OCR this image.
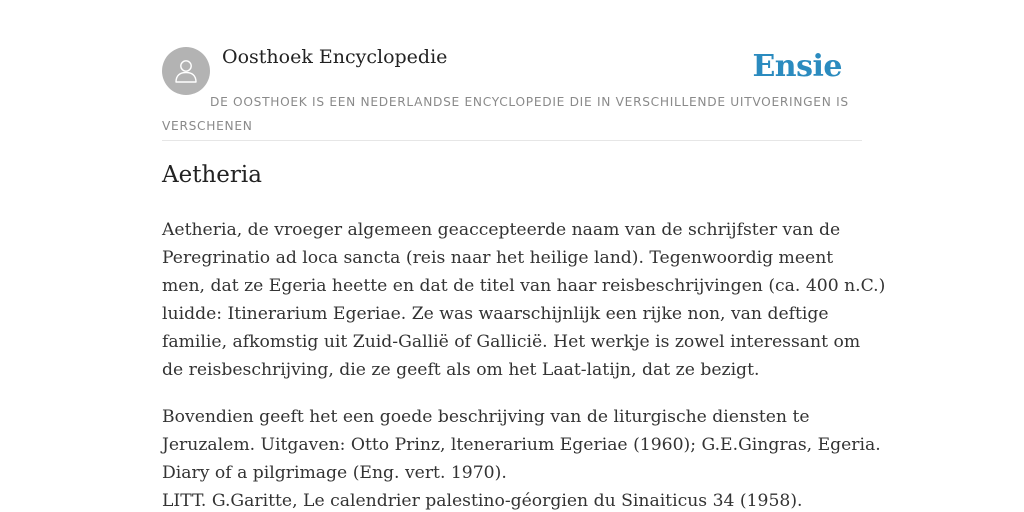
Oosthoek Encyclopedie	Ensie
DE OOSTHOEK IS EEN NEDERLANDSE ENCYCLOPEDIE DIE IN VERSCHILLENDE UITVOERINGEN IS VERSCHENEN
Aetheria

Aetheria, de vroeger algemeen geaccepteerde naam van de schrijfster van de
Peregrinatio ad loca sancta (reis naar het heilige land). Tegenwoordig meent
men, dat ze Egeria heette en dat de titel van haar reisbeschrijvingen (ca. 400 n.C.)
luidde: Itinerarium Egeriae. Ze was waarschijnlijk een rijke non, van deftige
familie, afkomstig uit Zuid-Gallië of Gallicië. Het werkje is zowel interessant om
de reisbeschrijving, die ze geeft als om het Laat-latijn, dat ze bezigt.

Bovendien geeft het een goede beschrijving van de liturgische diensten te
Jeruzalem. Uitgaven: Otto Prinz, ltenerarium Egeriae (1960); G.E.Gingras, Egeria.
Diary of a pilgrimage (Eng. vert. 1970).
LITT. G.Garitte, Le calendrier palestino-géorgien du Sinaiticus 34 (1958).
